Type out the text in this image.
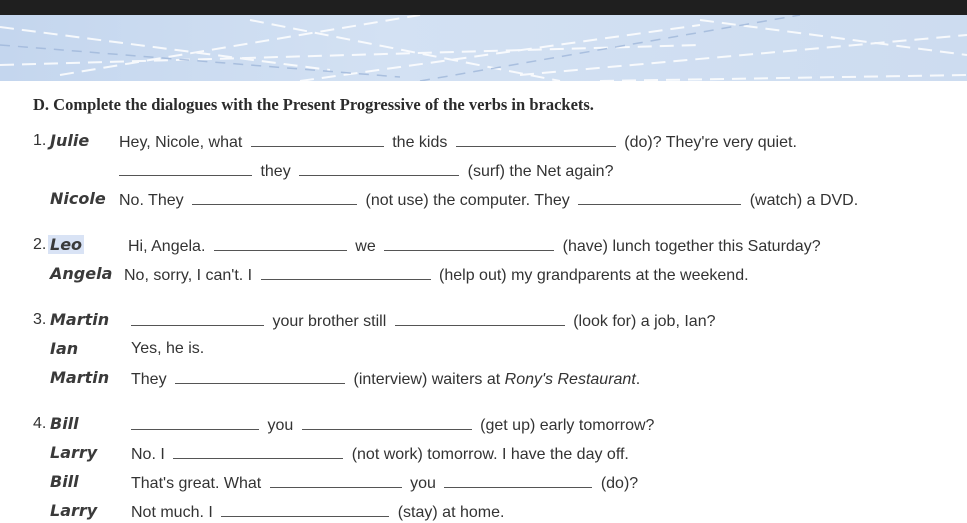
D. Complete the dialogues with the Present Progressive of the verbs in brackets.
1. Julie Hey, Nicole, what	the kids	(do)? They're very quiet.
they	(surf) the Net again?
Nicole No. They	(not use) the computer. They	(watch) a DVD.
2. Leo	Hi, Angela.	we	(have) lunch together this Saturday?
Angela No, sorry, I can't. I	(help out) my grandparents at the weekend.
3. Martin	your brother still	(look for) a job, Ian?
Ian	Yes, he is.
Martin They	(interview) waiters at Rony's Restaurant.
4. Bill	you	(get up) early tomorrow?
Larry No. I	(not work) tomorrow. I have the day off.
Bill	That's great. What	you	(do)?
Larry Not much. I	(stay) at home.
